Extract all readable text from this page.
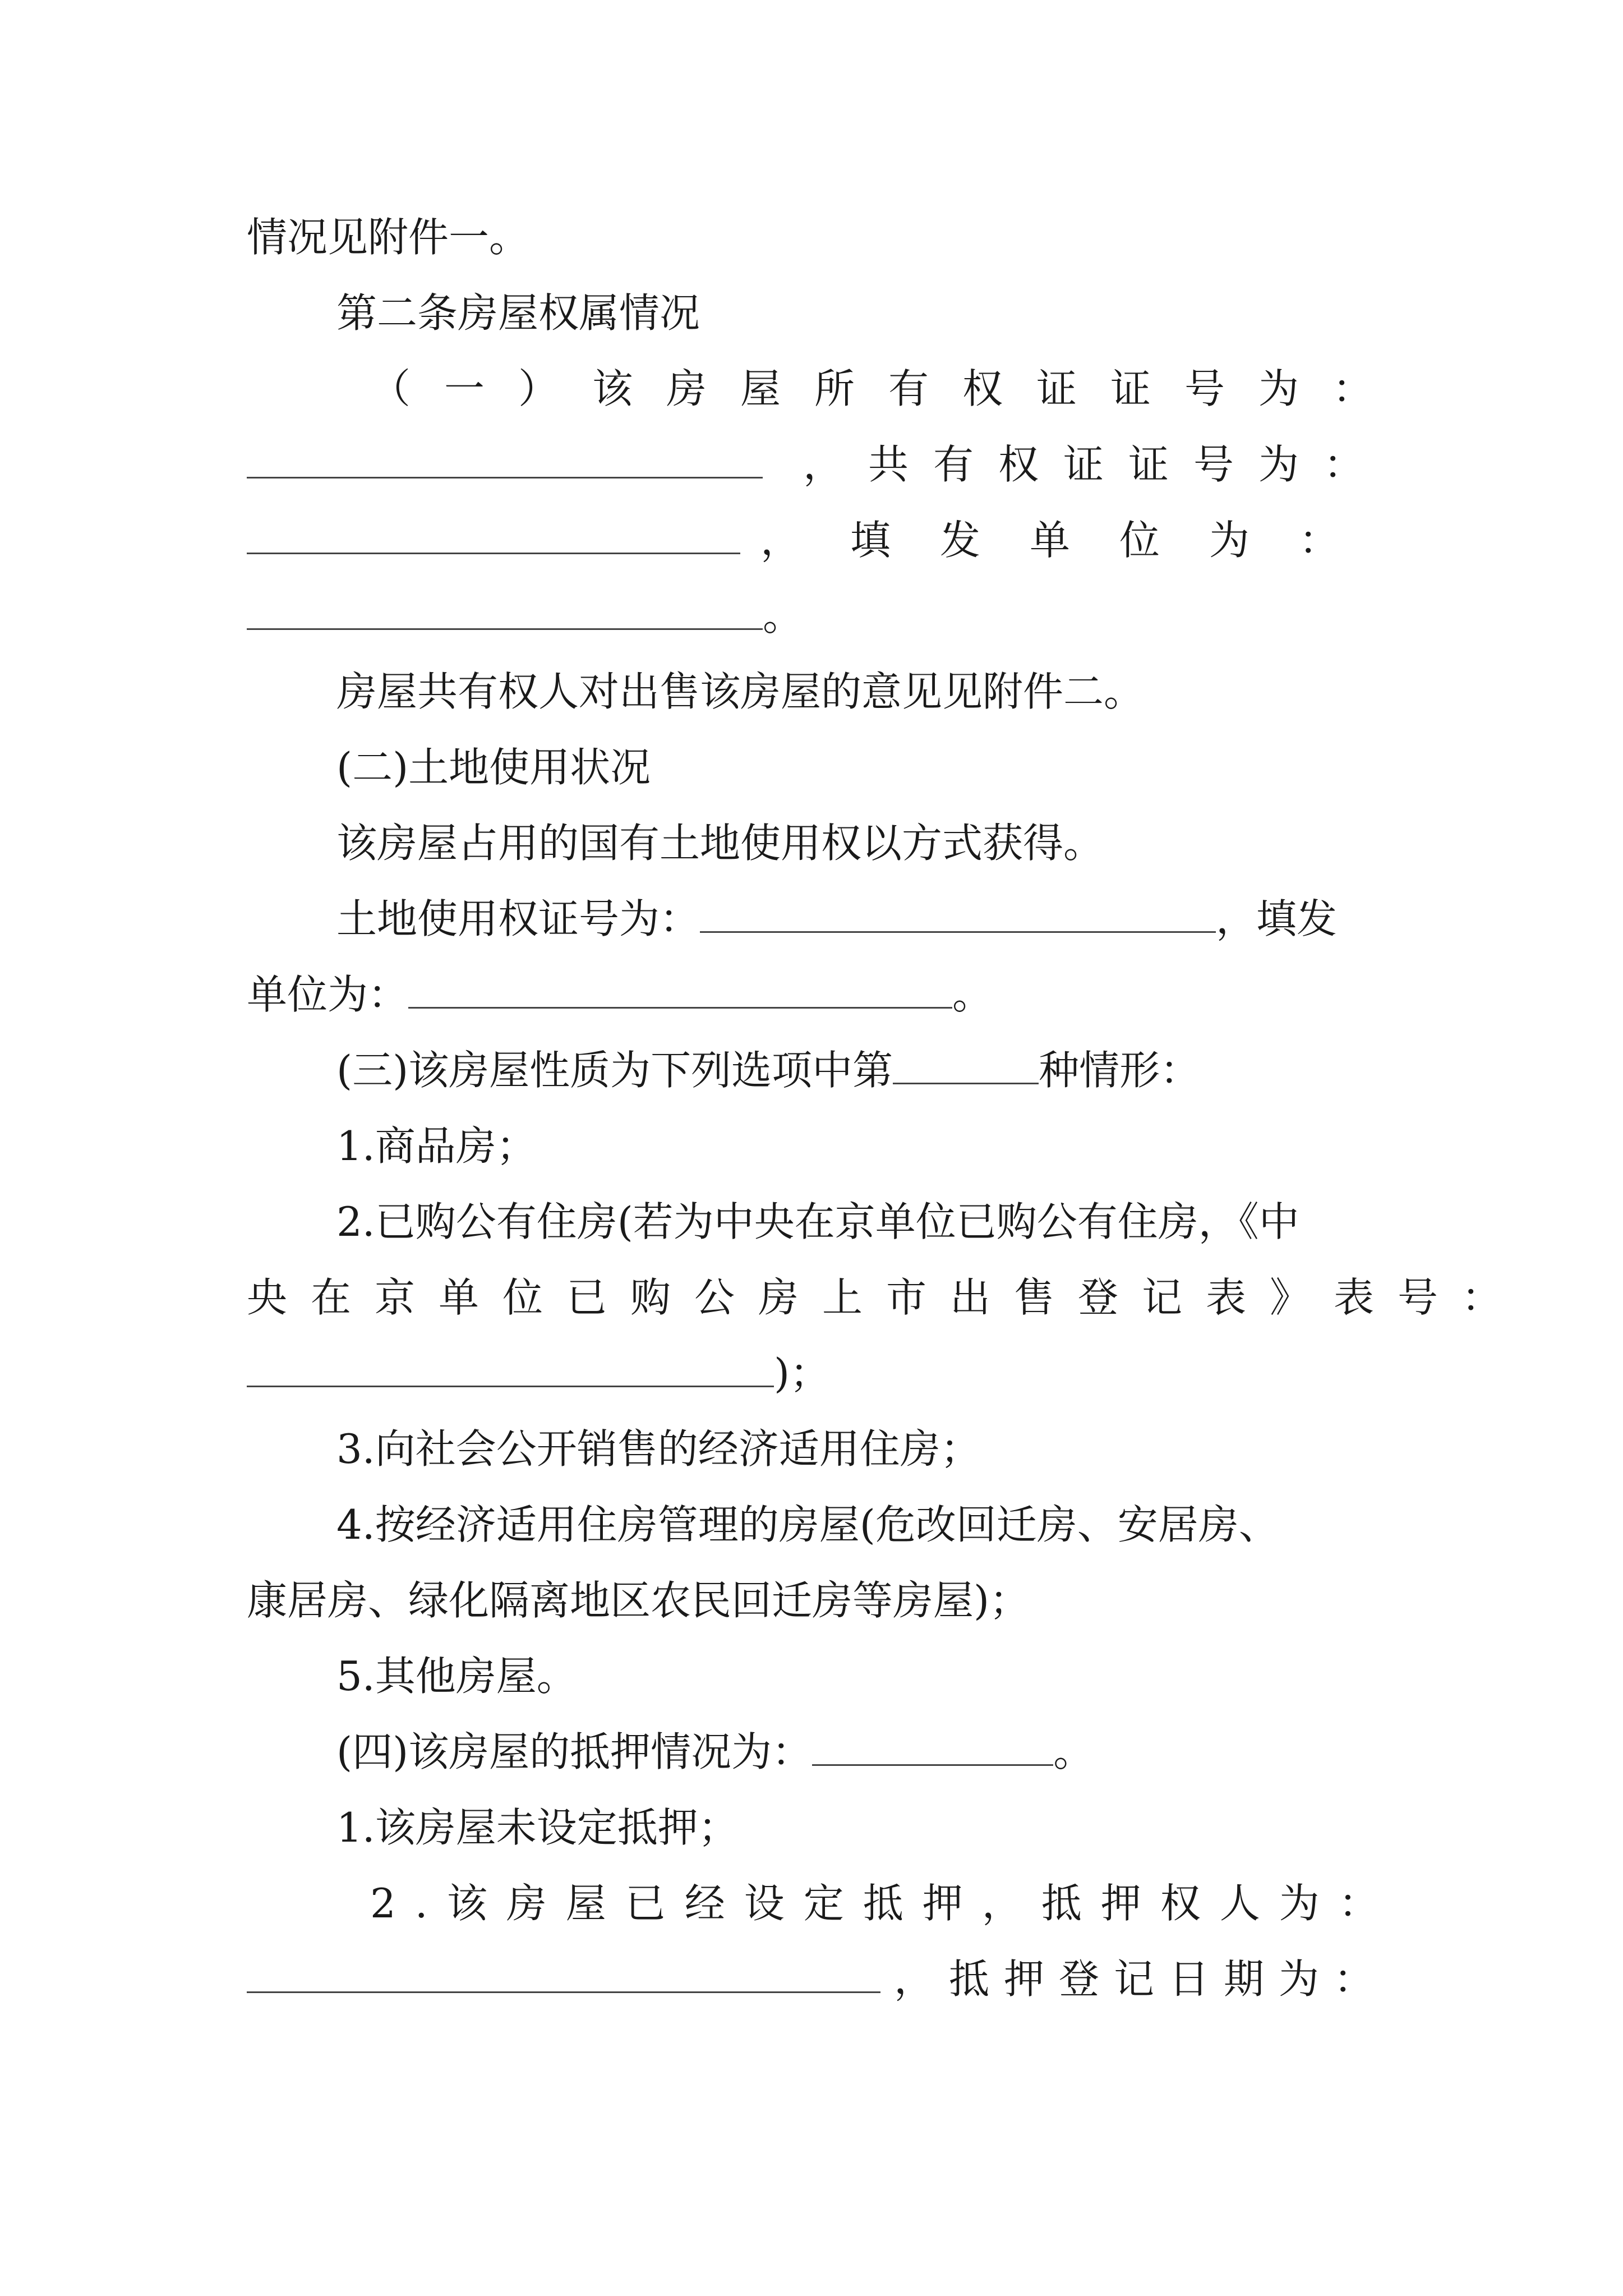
情况见附件一。
第二条房屋权属情况
（一）该房屋所有权证证号为：
，共有权证证号为：
，填发单位为：
。
房屋共有权人对出售该房屋的意见见附件二。
(二)土地使用状况
该房屋占用的国有土地使用权以方式获得。
土地使用权证号为：	，填发
单位为：	。
(三)该房屋性质为下列选项中第	种情形：
1.商品房；
2.已购公有住房(若为中央在京单位已购公有住房，《中
央在京单位已购公房上市出售登记表》表号：
)；
3.向社会公开销售的经济适用住房；
4.按经济适用住房管理的房屋(危改回迁房、安居房、
康居房、绿化隔离地区农民回迁房等房屋)；
5.其他房屋。
(四)该房屋的抵押情况为：	。
1.该房屋未设定抵押；
2.该房屋已经设定抵押，抵押权人为：
，抵押登记日期为：
